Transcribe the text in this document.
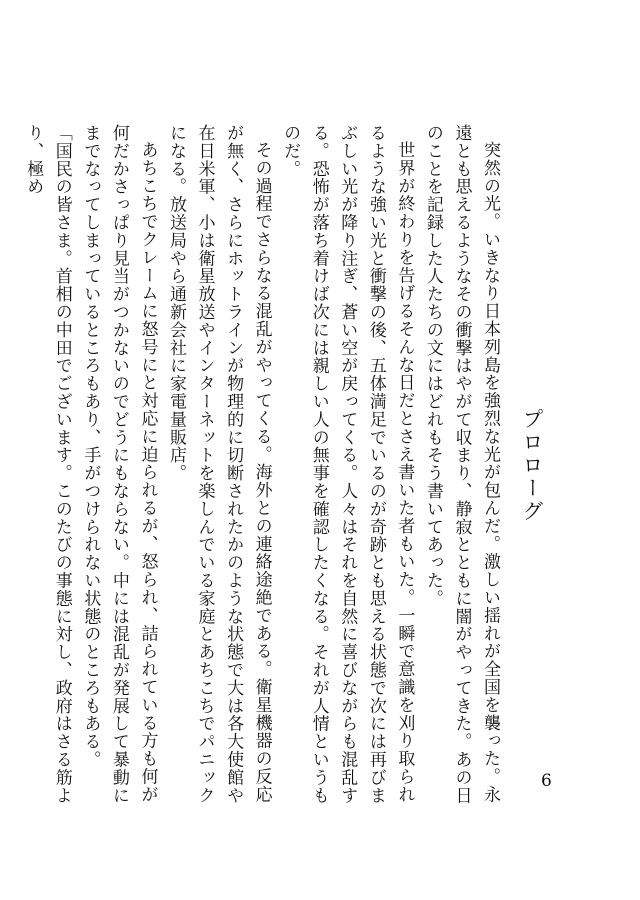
プロローグ

突然の光。いきなり日本列島を強烈な光が包んだ。激しい揺れが全国を襲った。永遠とも思えるようなその衝撃はやがて収まり、静寂とともに闇がやってきた。あの日のことを記録した人たちの文にはどれもそう書いてあった。

世界が終わりを告げるそんな日だとさえ書いた者もいた。一瞬で意識を刈り取られるような強い光と衝撃の後、五体満足でいるのが奇跡とも思える状態で次には再びまぶしい光が降り注ぎ、蒼い空が戻ってくる。人々はそれを自然に喜びながらも混乱する。恐怖が落ち着けば次には親しい人の無事を確認したくなる。それが人情というものだ。

その過程でさらなる混乱がやってくる。海外との連絡途絶である。衛星機器の反応が無く、さらにホットラインが物理的に切断されたかのような状態で大は各大使館や在日米軍、小は衛星放送やインターネットを楽しんでいる家庭とあちこちでパニックになる。放送局やら通新会社に家電量販店。

あちこちでクレームに怒号にと対応に迫られるが、怒られ、詰られている方も何が何だかさっぱり見当がつかないのでどうにもならない。中には混乱が発展して暴動にまでなってしまっているところもあり、手がつけられない状態のところもある。

「国民の皆さま。首相の中田でございます。このたびの事態に対し、政府はさる筋より、極め

6
